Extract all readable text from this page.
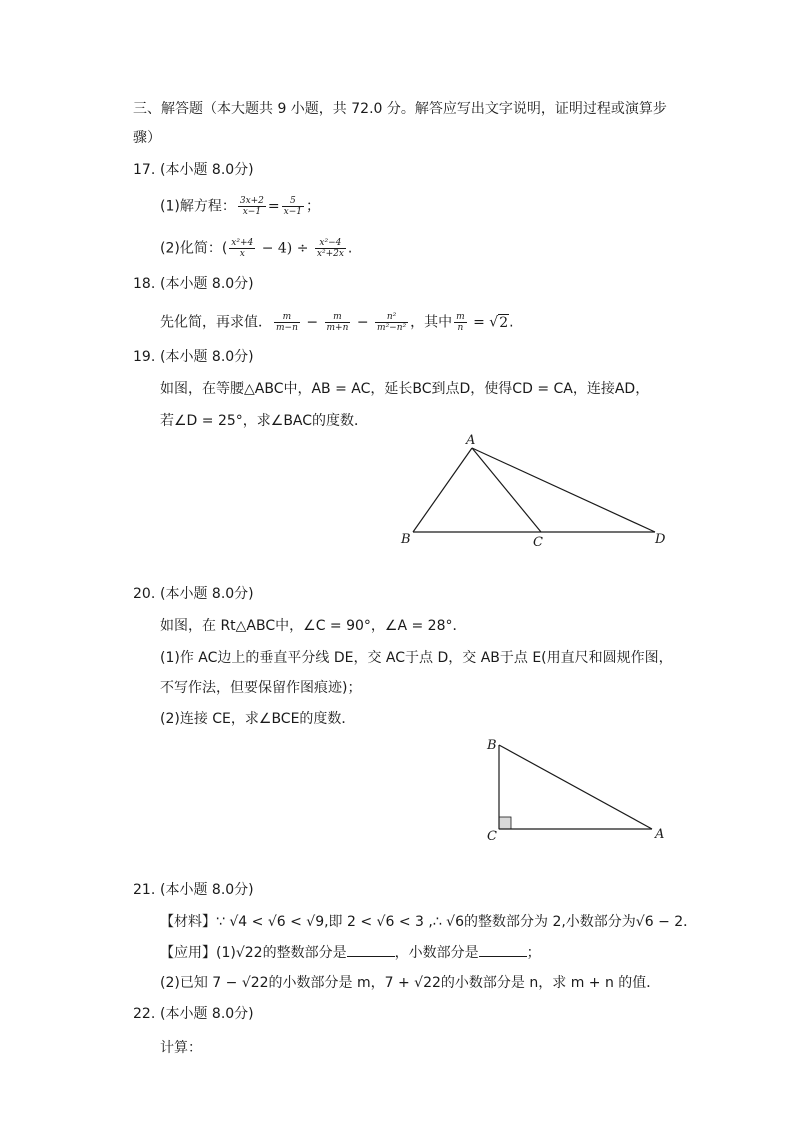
三、解答题（本大题共 9 小题，共 72.0 分。解答应写出文字说明，证明过程或演算步
骤）
17. (本小题 8.0分)
(1)解方程： $\frac{3x+2}{x-1} = \frac{5}{x-1}$ ；
(2)化简：( $\frac{\text{x²+4}}{x} - 4) \div \frac{\text{x²−4}}{\text{x²+2x}}$ .
18. (本小题 8.0分)
先化简，再求值． $\frac{m}{m-n} - \frac{m}{m+n} - \frac{\text{n²}}{\text{m²−n²}}$ ，其中 $\frac{m}{n} = √2$.
19. (本小题 8.0分)
如图，在等腰△ABC中，AB = AC，延长BC到点D，使得CD = CA，连接AD，
若∠D = 25°，求∠BAC的度数．
A
B	C	D
20. (本小题 8.0分)
如图，在 Rt△ABC中，∠C = 90°，∠A = 28°．
(1)作 AC边上的垂直平分线 DE，交 AC于点 D，交 AB于点 E(用直尺和圆规作图，
不写作法，但要保留作图痕迹)；
(2)连接 CE，求∠BCE的度数．
B
C	A
21. (本小题 8.0分)
【材料】∵ √4 < √6 < √9,即 2 < √6 < 3 ,∴ √6的整数部分为 2,小数部分为√6 − 2．
【应用】(1)√22的整数部分是	，小数部分是	；
(2)已知 7 − √22的小数部分是 m，7 + √22的小数部分是 n，求 m + n 的值．
22. (本小题 8.0分)
计算：
